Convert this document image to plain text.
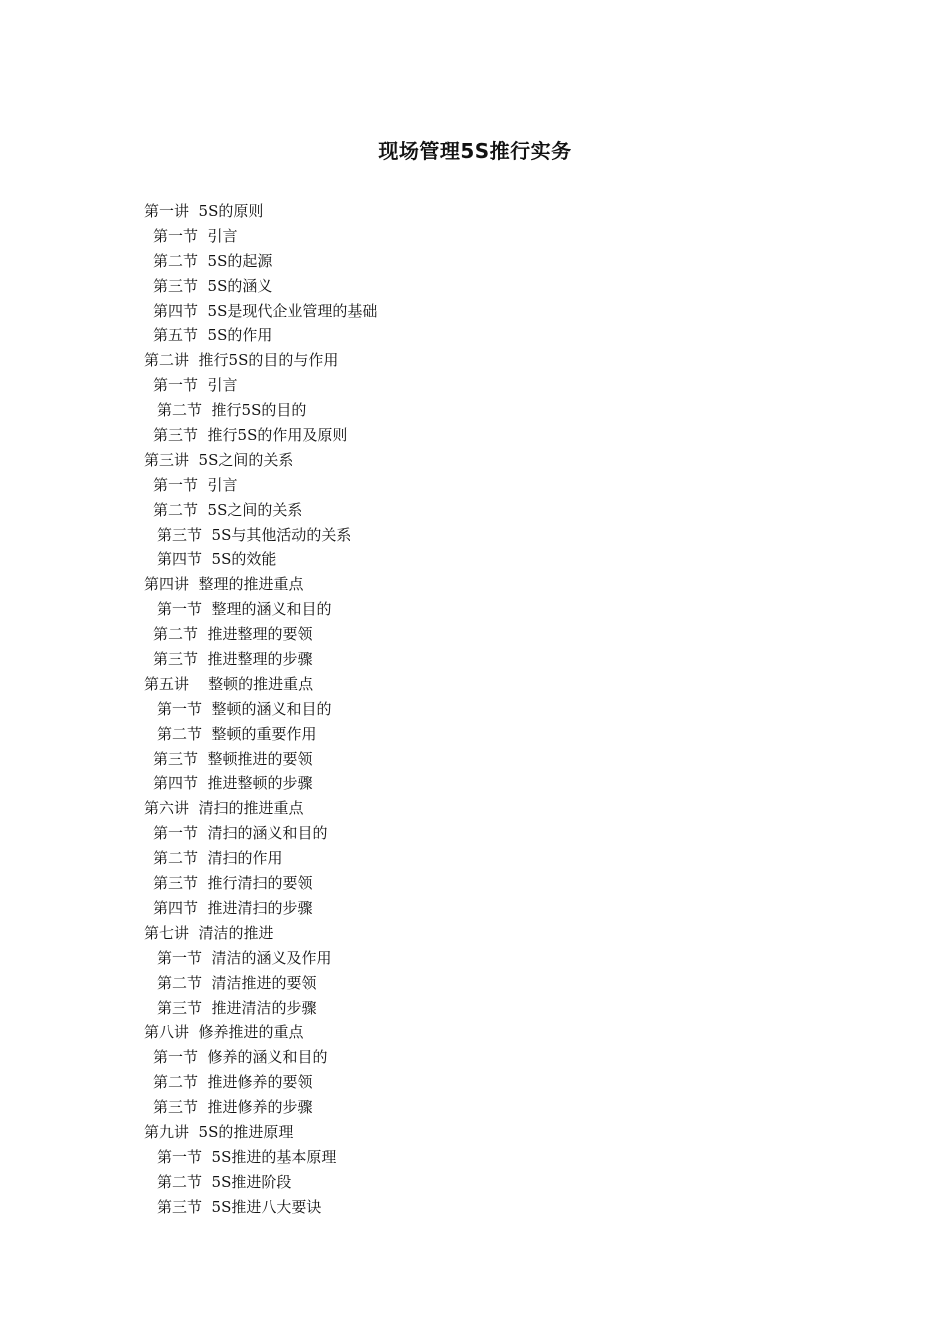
现场管理5S推行实务
第一讲  5S的原则
第一节  引言
第二节  5S的起源
第三节  5S的涵义
第四节  5S是现代企业管理的基础
第五节  5S的作用
第二讲  推行5S的目的与作用
第一节  引言
第二节  推行5S的目的
第三节  推行5S的作用及原则
第三讲  5S之间的关系
第一节  引言
第二节  5S之间的关系
第三节  5S与其他活动的关系
第四节  5S的效能
第四讲  整理的推进重点
第一节  整理的涵义和目的
第二节  推进整理的要领
第三节  推进整理的步骤
第五讲    整顿的推进重点
第一节  整顿的涵义和目的
第二节  整顿的重要作用
第三节  整顿推进的要领
第四节  推进整顿的步骤
第六讲  清扫的推进重点
第一节  清扫的涵义和目的
第二节  清扫的作用
第三节  推行清扫的要领
第四节  推进清扫的步骤
第七讲  清洁的推进
第一节  清洁的涵义及作用
第二节  清洁推进的要领
第三节  推进清洁的步骤
第八讲  修养推进的重点
第一节  修养的涵义和目的
第二节  推进修养的要领
第三节  推进修养的步骤
第九讲  5S的推进原理
第一节  5S推进的基本原理
第二节  5S推进阶段
第三节  5S推进八大要诀
